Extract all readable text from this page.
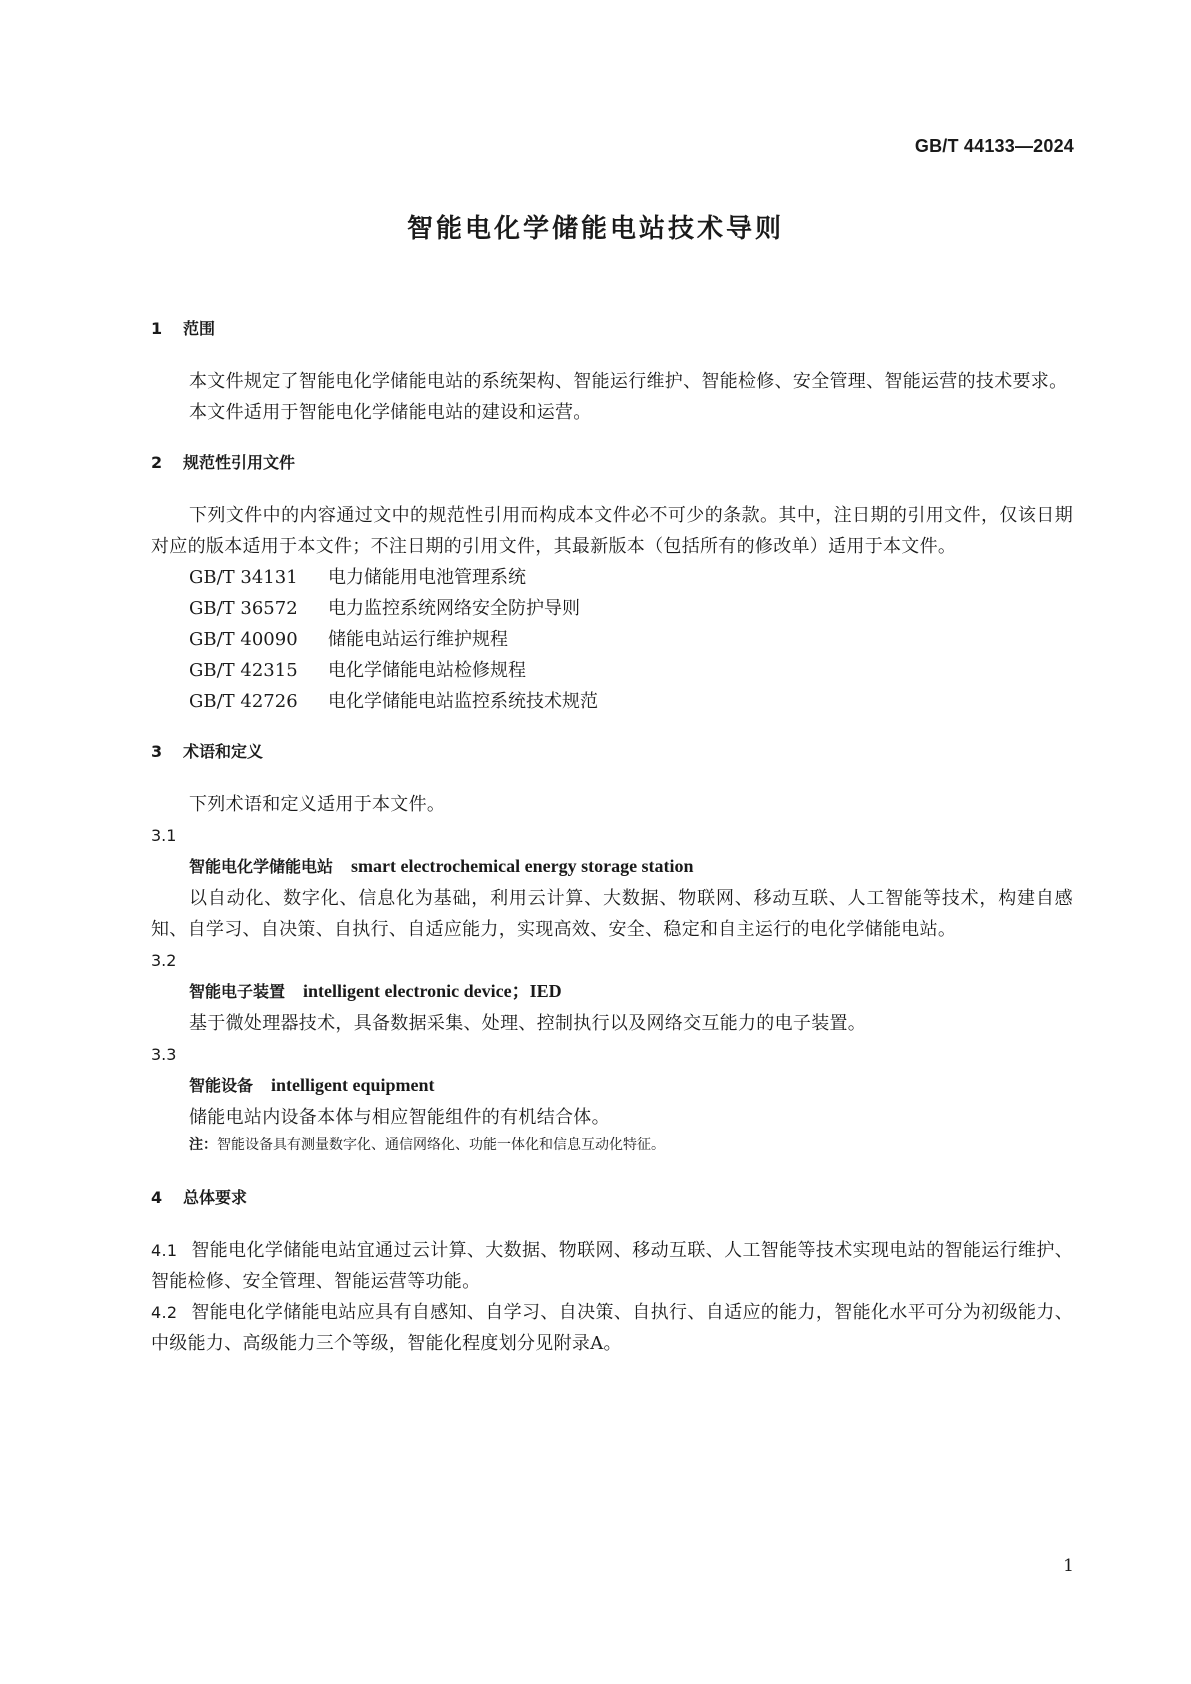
GB/T 44133—2024
智能电化学储能电站技术导则
1 范围

本文件规定了智能电化学储能电站的系统架构、智能运行维护、智能检修、安全管理、智能运营的技术要求。

本文件适用于智能电化学储能电站的建设和运营。

2 规范性引用文件

下列文件中的内容通过文中的规范性引用而构成本文件必不可少的条款。其中，注日期的引用文件，仅该日期对应的版本适用于本文件；不注日期的引用文件，其最新版本（包括所有的修改单）适用于本文件。

GB/T 34131 电力储能用电池管理系统
GB/T 36572 电力监控系统网络安全防护导则
GB/T 40090 储能电站运行维护规程
GB/T 42315 电化学储能电站检修规程
GB/T 42726 电化学储能电站监控系统技术规范
3 术语和定义

下列术语和定义适用于本文件。

3.1
智能电化学储能电站 smart electrochemical energy storage station

以自动化、数字化、信息化为基础，利用云计算、大数据、物联网、移动互联、人工智能等技术，构建自感知、自学习、自决策、自执行、自适应能力，实现高效、安全、稳定和自主运行的电化学储能电站。

3.2
智能电子装置 intelligent electronic device；IED

基于微处理器技术，具备数据采集、处理、控制执行以及网络交互能力的电子装置。

3.3
智能设备 intelligent equipment

储能电站内设备本体与相应智能组件的有机结合体。

注：智能设备具有测量数字化、通信网络化、功能一体化和信息互动化特征。
4 总体要求

4.1 智能电化学储能电站宜通过云计算、大数据、物联网、移动互联、人工智能等技术实现电站的智能运行维护、智能检修、安全管理、智能运营等功能。

4.2 智能电化学储能电站应具有自感知、自学习、自决策、自执行、自适应的能力，智能化水平可分为初级能力、中级能力、高级能力三个等级，智能化程度划分见附录A。

1
